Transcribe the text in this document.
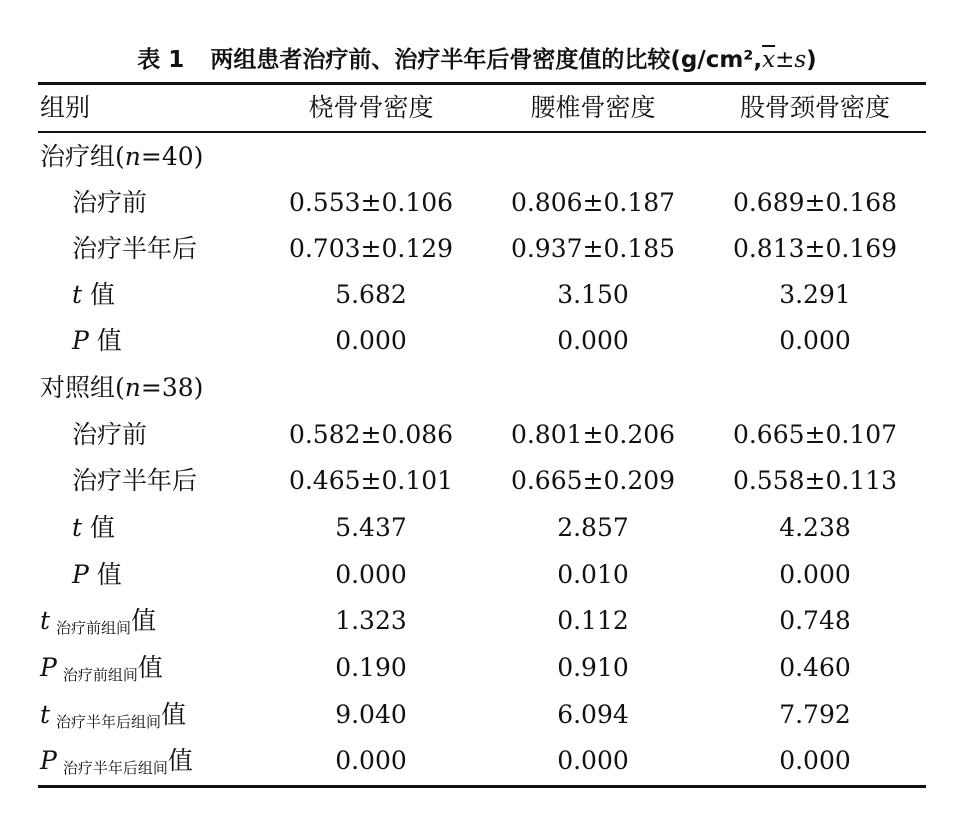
表 1 两组患者治疗前、治疗半年后骨密度值的比较$(g/cm^2,\overline{x}\pm s)$
组别	桡骨骨密度	腰椎骨密度	股骨颈骨密度
治疗组(n=40)
治疗前	0.553±0.106	0.806±0.187	0.689±0.168
治疗半年后	0.703±0.129	0.937±0.185	0.813±0.169
t 值	5.682	3.150	3.291
P 值	0.000	0.000	0.000
对照组(n=38)
治疗前	0.582±0.086	0.801±0.206	0.665±0.107
治疗半年后	0.465±0.101	0.665±0.209	0.558±0.113
t 值	5.437	2.857	4.238
P 值	0.000	0.010	0.000
t $_{治疗前组间}$值	1.323	0.112	0.748
P $_{治疗前组间}$值	0.190	0.910	0.460
t $_{治疗半年后组间}$值	9.040	6.094	7.792
P $_{治疗半年后组间}$值	0.000	0.000	0.000
